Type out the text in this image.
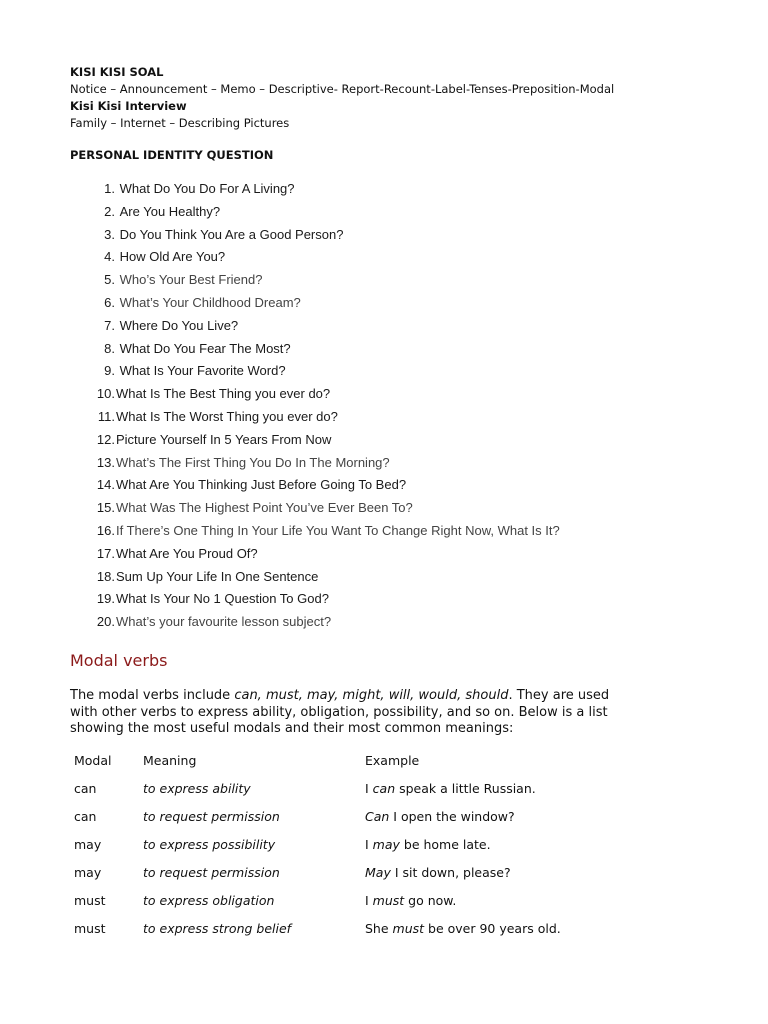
KISI KISI SOAL
Notice – Announcement – Memo – Descriptive- Report-Recount-Label-Tenses-Preposition-Modal
Kisi Kisi Interview
Family – Internet – Describing Pictures
PERSONAL IDENTITY QUESTION
1. What Do You Do For A Living?
2. Are You Healthy?
3. Do You Think You Are a Good Person?
4. How Old Are You?
5. Who’s Your Best Friend?
6. What’s Your Childhood Dream?
7. Where Do You Live?
8. What Do You Fear The Most?
9. What Is Your Favorite Word?
10.What Is The Best Thing you ever do?
11.What Is The Worst Thing you ever do?
12.Picture Yourself In 5 Years From Now
13.What’s The First Thing You Do In The Morning?
14.What Are You Thinking Just Before Going To Bed?
15.What Was The Highest Point You’ve Ever Been To?
16.If There’s One Thing In Your Life You Want To Change Right Now, What Is It?
17.What Are You Proud Of?
18.Sum Up Your Life In One Sentence
19.What Is Your No 1 Question To God?
20.What’s your favourite lesson subject?
Modal verbs
The modal verbs include can, must, may, might, will, would, should. They are used
with other verbs to express ability, obligation, possibility, and so on. Below is a list
showing the most useful modals and their most common meanings:
Modal	Meaning	Example
can	to express ability	I can speak a little Russian.
can	to request permission	Can I open the window?
may	to express possibility	I may be home late.
may	to request permission	May I sit down, please?
must	to express obligation	I must go now.
must	to express strong belief	She must be over 90 years old.
